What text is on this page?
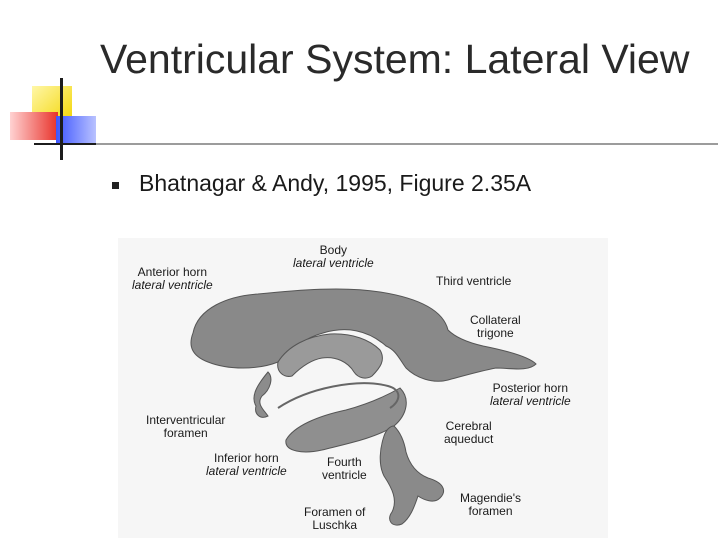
Ventricular System: Lateral View
Bhatnagar & Andy, 1995, Figure 2.35A
Body
lateral ventricle
Anterior horn
lateral ventricle	Third ventricle
Collateral
trigone
Posterior horn
lateral ventricle
Interventricular
foramen	Cerebral
aqueduct
Inferior horn
lateral ventricle
Fourth
ventricle
Magendie's
foramen
Foramen of
Luschka
